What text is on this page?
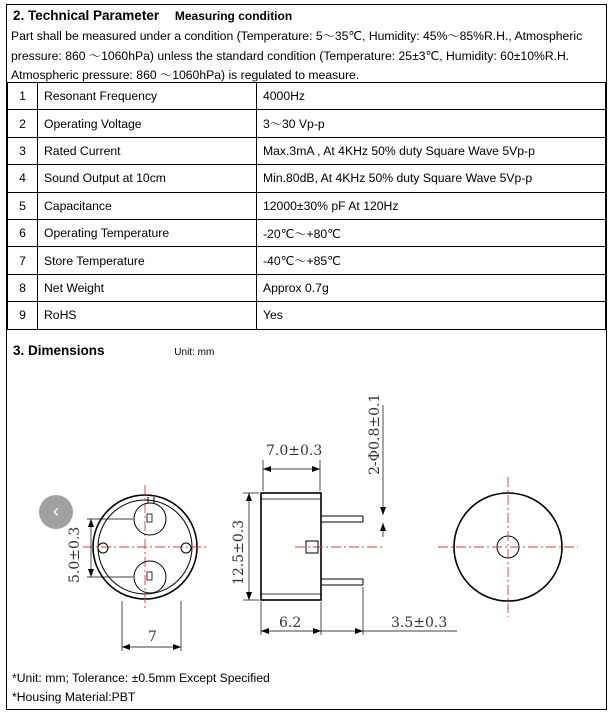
2. Technical Parameter Measuring condition
Part shall be measured under a condition (Temperature: 5～35℃, Humidity: 45%～85%R.H., Atmospheric pressure: 860 ～1060hPa) unless the standard condition (Temperature: 25±3℃, Humidity: 60±10%R.H. Atmospheric pressure: 860 ～1060hPa) is regulated to measure.
1	Resonant Frequency	4000Hz
2	Operating Voltage	3～30 Vp-p
3	Rated Current	Max.3mA , At 4KHz 50% duty Square Wave 5Vp-p
4	Sound Output at 10cm	Min.80dB, At 4KHz 50% duty Square Wave 5Vp-p
5	Capacitance	12000±30% pF At 120Hz
6	Operating Temperature	-20℃～+80℃
7	Store Temperature	-40℃～+85℃
8	Net Weight	Approx 0.7g
9	RoHS	Yes
3. Dimensions	Unit: mm
5.0±0.3
7
7.0±0.3
12.5±0.3
2-Φ0.8±0.1
6.2	3.5±0.3
‹
*Unit: mm; Tolerance: ±0.5mm Except Specified
*Housing Material:PBT
